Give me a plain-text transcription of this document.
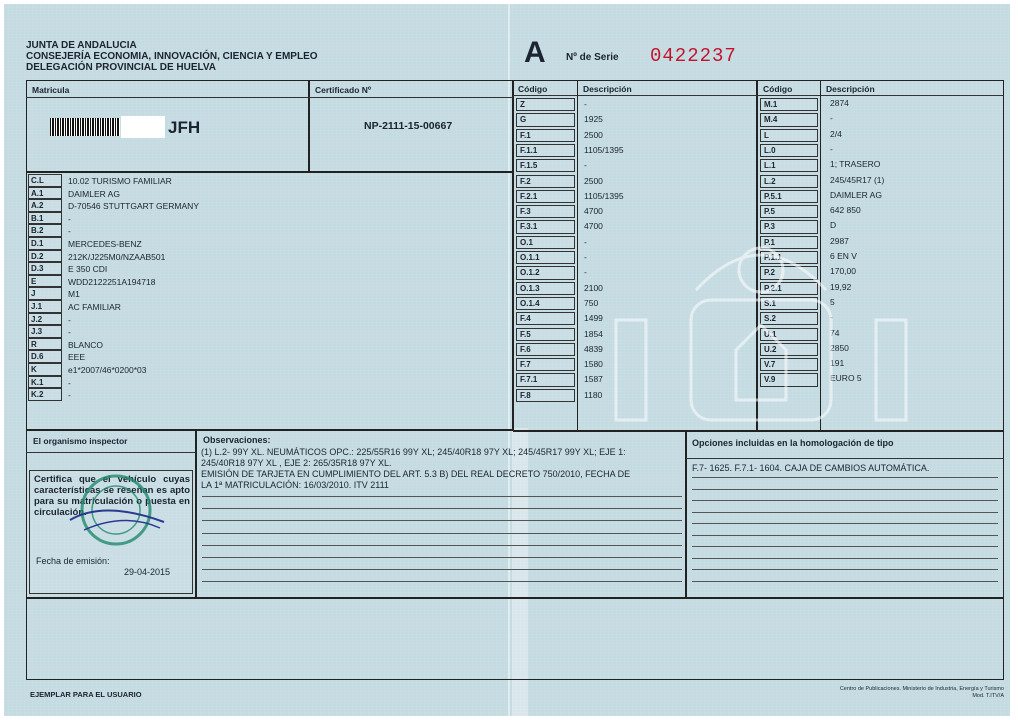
JUNTA DE ANDALUCIA
CONSEJERÍA ECONOMIA, INNOVACIÓN, CIENCIA Y EMPLEO
DELEGACIÓN PROVINCIAL DE HUELVA	A Nº de Serie 0422237
Matricula
JFH
Certificado Nº
NP-2111-15-00667
C.L	10.02 TURISMO FAMILIAR
A.1	DAIMLER AG
A.2	D-70546 STUTTGART GERMANY
B.1	-
B.2	-
D.1	MERCEDES-BENZ
D.2	212K/J225M0/NZAAB501
D.3	E 350 CDI
E	WDD2122251A194718
J	M1
J.1	AC FAMILIAR
J.2	-
J.3	-
R	BLANCO
D.6	EEE
K	e1*2007/46*0200*03
K.1	-
K.2	-
Código	Descripción
Z	-
G	1925
F.1	2500
F.1.1	1105/1395
F.1.5	-
F.2	2500
F.2.1	1105/1395
F.3	4700
F.3.1	4700
O.1	-
O.1.1	-
O.1.2	-
O.1.3	2100
O.1.4	750
F.4	1499
F.5	1854
F.6	4839
F.7	1580
F.7.1	1587
F.8	1180
Código	Descripción
M.1	2874
M.4	-
L	2/4
L.0	-
L.1	1; TRASERO
L.2	245/45R17 (1)
P.5.1	DAIMLER AG
P.5	642 850
P.3	D
P.1	2987
P.1.1	6 EN V
P.2	170,00
P.2.1	19,92
S.1	5
S.2	-
U.1	74
U.2	2850
V.7	191
V.9	EURO 5
El organismo inspector
Certifica que el vehículo cuyas características se reseñan es apto para su matriculación o puesta en circulación.
Fecha de emisión:
29-04-2015
Observaciones:
(1) L.2- 99Y XL. NEUMÁTICOS OPC.: 225/55R16 99Y XL; 245/40R18 97Y XL; 245/45R17 99Y XL; EJE 1:
245/40R18 97Y XL , EJE 2: 265/35R18 97Y XL.
EMISIÓN DE TARJETA EN CUMPLIMIENTO DEL ART. 5.3 B) DEL REAL DECRETO 750/2010, FECHA DE
LA 1ª MATRICULACIÓN: 16/03/2010. ITV 2111
Opciones incluidas en la homologación de tipo
F.7- 1625. F.7.1- 1604. CAJA DE CAMBIOS AUTOMÁTICA.
EJEMPLAR PARA EL USUARIO
Centro de Publicaciones. Ministerio de Industria, Energía y Turismo
Mod. T.ITV/A
